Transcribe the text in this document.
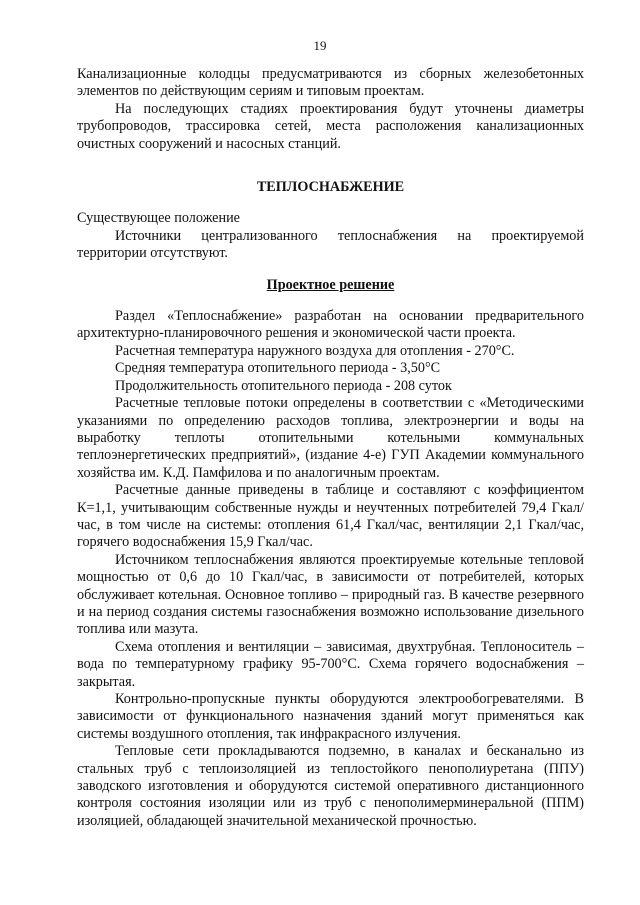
19

Канализационные колодцы предусматриваются из сборных железобетонных элементов по действующим сериям и типовым проектам.

На последующих стадиях проектирования будут уточнены диаметры трубопроводов, трассировка сетей, места расположения канализационных очистных сооружений и насосных станций.

ТЕПЛОСНАБЖЕНИЕ

Существующее положение

Источники централизованного теплоснабжения на проектируемой территории отсутствуют.

Проектное решение

Раздел «Теплоснабжение» разработан на основании предварительного архитектурно-планировочного решения и экономической части проекта.

Расчетная температура наружного воздуха для отопления - 270°С.

Средняя температура отопительного периода - 3,50°С

Продолжительность отопительного периода - 208 суток

Расчетные тепловые потоки определены в соответствии с «Методическими указаниями по определению расходов топлива, электроэнергии и воды на выработку теплоты отопительными котельными коммунальных теплоэнергетических предприятий», (издание 4-е) ГУП Академии коммунального хозяйства им. К.Д. Памфилова и по аналогичным проектам.

Расчетные данные приведены в таблице и составляют с коэффициентом К=1,1, учитывающим собственные нужды и неучтенных потребителей 79,4 Гкал/час, в том числе на системы: отопления 61,4 Гкал/час, вентиляции 2,1 Гкал/час, горячего водоснабжения 15,9 Гкал/час.

Источником теплоснабжения являются проектируемые котельные тепловой мощностью от 0,6 до 10 Гкал/час, в зависимости от потребителей, которых обслуживает котельная. Основное топливо – природный газ. В качестве резервного и на период создания системы газоснабжения возможно использование дизельного топлива или мазута.

Схема отопления и вентиляции – зависимая, двухтрубная. Теплоноситель – вода по температурному графику 95-700°С. Схема горячего водоснабжения – закрытая.

Контрольно-пропускные пункты оборудуются электрообогревателями. В зависимости от функционального назначения зданий могут применяться как системы воздушного отопления, так инфракрасного излучения.

Тепловые сети прокладываются подземно, в каналах и бесканально из стальных труб с теплоизоляцией из теплостойкого пенополиуретана (ППУ) заводского изготовления и оборудуются системой оперативного дистанционного контроля состояния изоляции или из труб с пенополимерминеральной (ППМ) изоляцией, обладающей значительной механической прочностью.
